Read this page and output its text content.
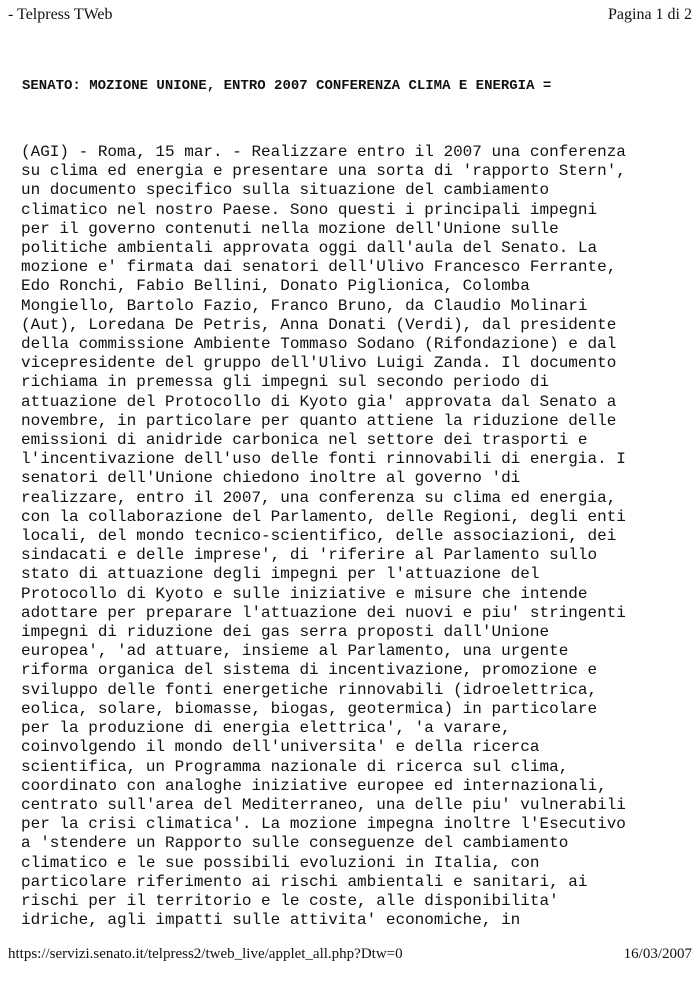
- Telpress TWeb	Pagina 1 di 2
SENATO: MOZIONE UNIONE, ENTRO 2007 CONFERENZA CLIMA E ENERGIA =
(AGI) - Roma, 15 mar. - Realizzare entro il 2007 una conferenza
su clima ed energia e presentare una sorta di 'rapporto Stern',
un documento specifico sulla situazione del cambiamento
climatico nel nostro Paese. Sono questi i principali impegni
per il governo contenuti nella mozione dell'Unione sulle
politiche ambientali approvata oggi dall'aula del Senato. La
mozione e' firmata dai senatori dell'Ulivo Francesco Ferrante,
Edo Ronchi, Fabio Bellini, Donato Piglionica, Colomba
Mongiello, Bartolo Fazio, Franco Bruno, da Claudio Molinari
(Aut), Loredana De Petris, Anna Donati (Verdi), dal presidente
della commissione Ambiente Tommaso Sodano (Rifondazione) e dal
vicepresidente del gruppo dell'Ulivo Luigi Zanda. Il documento
richiama in premessa gli impegni sul secondo periodo di
attuazione del Protocollo di Kyoto gia' approvata dal Senato a
novembre, in particolare per quanto attiene la riduzione delle
emissioni di anidride carbonica nel settore dei trasporti e
l'incentivazione dell'uso delle fonti rinnovabili di energia. I
senatori dell'Unione chiedono inoltre al governo 'di
realizzare, entro il 2007, una conferenza su clima ed energia,
con la collaborazione del Parlamento, delle Regioni, degli enti
locali, del mondo tecnico-scientifico, delle associazioni, dei
sindacati e delle imprese', di 'riferire al Parlamento sullo
stato di attuazione degli impegni per l'attuazione del
Protocollo di Kyoto e sulle iniziative e misure che intende
adottare per preparare l'attuazione dei nuovi e piu' stringenti
impegni di riduzione dei gas serra proposti dall'Unione
europea', 'ad attuare, insieme al Parlamento, una urgente
riforma organica del sistema di incentivazione, promozione e
sviluppo delle fonti energetiche rinnovabili (idroelettrica,
eolica, solare, biomasse, biogas, geotermica) in particolare
per la produzione di energia elettrica', 'a varare,
coinvolgendo il mondo dell'universita' e della ricerca
scientifica, un Programma nazionale di ricerca sul clima,
coordinato con analoghe iniziative europee ed internazionali,
centrato sull'area del Mediterraneo, una delle piu' vulnerabili
per la crisi climatica'. La mozione impegna inoltre l'Esecutivo
a 'stendere un Rapporto sulle conseguenze del cambiamento
climatico e le sue possibili evoluzioni in Italia, con
particolare riferimento ai rischi ambientali e sanitari, ai
rischi per il territorio e le coste, alle disponibilita'
idriche, agli impatti sulle attivita' economiche, in
https://servizi.senato.it/telpress2/tweb_live/applet_all.php?Dtw=0	16/03/2007
